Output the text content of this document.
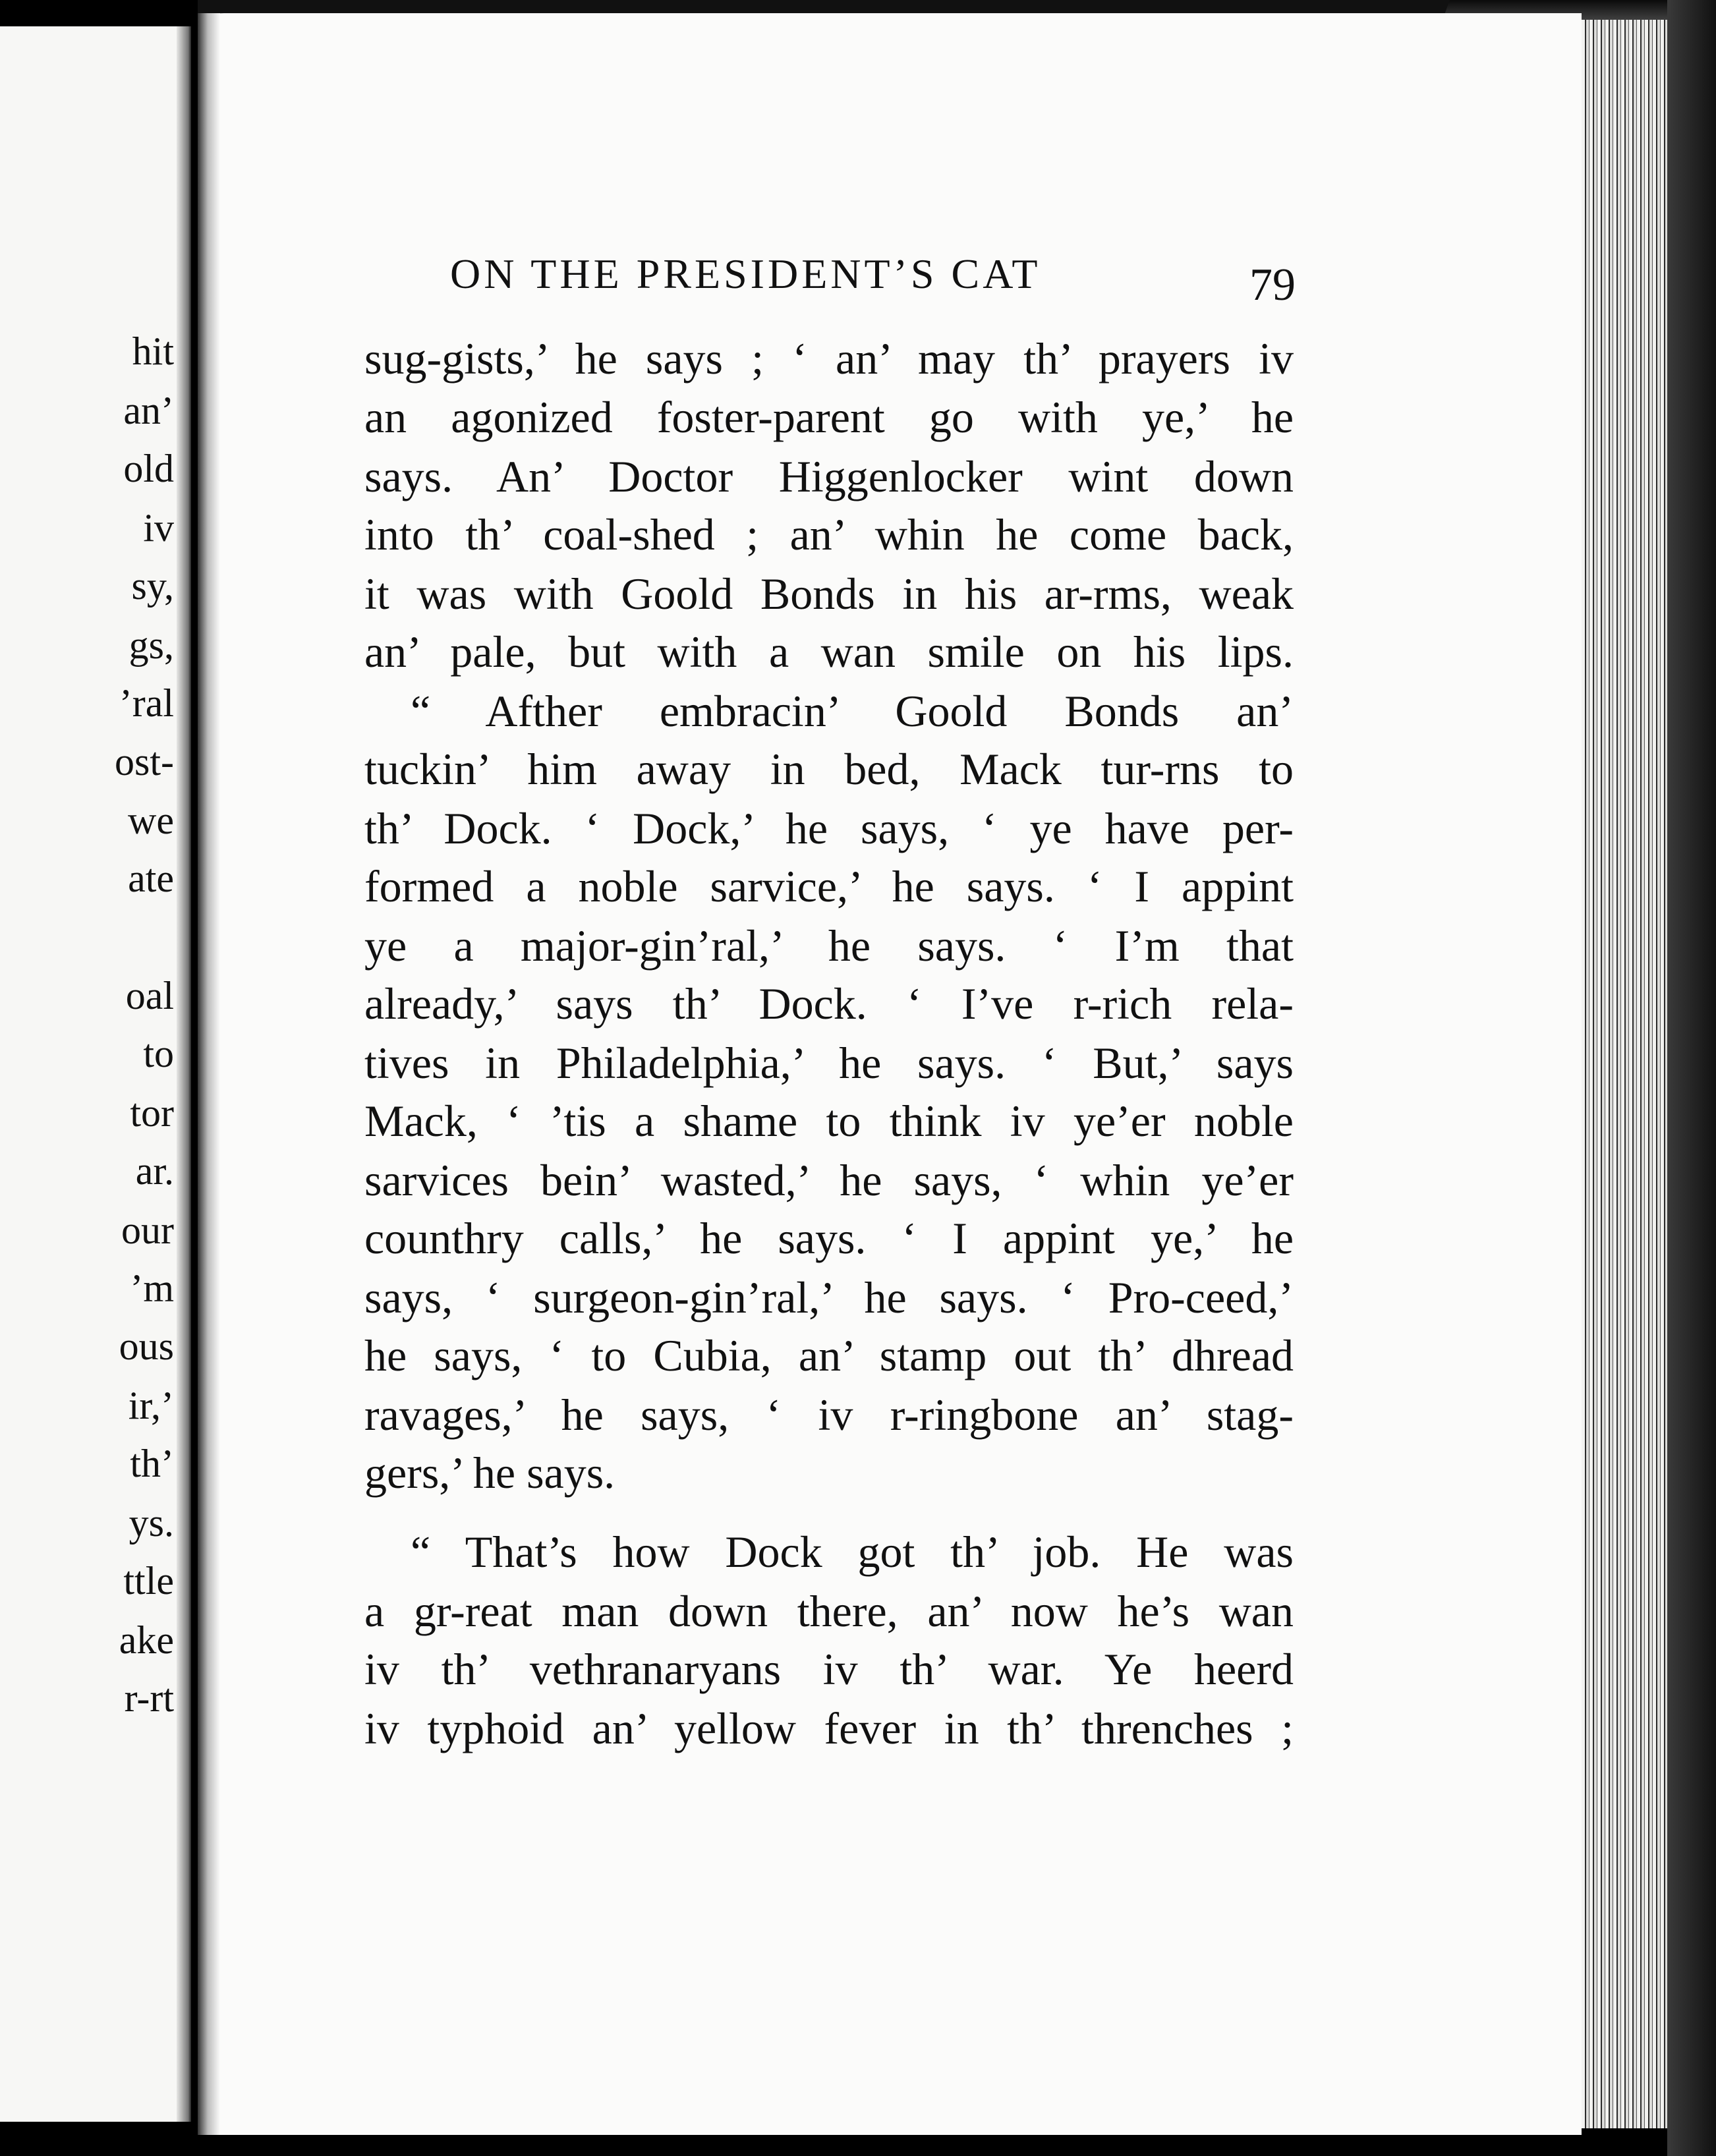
hit
an’
old
iv
sy,
gs,
’ral
ost-
we
ate
oal
to
tor
ar.
our
’m
ous
ir,’
th’
ys.
ttle
ake
r-rt
ON THE PRESIDENT’S CAT	79
sug-gists,’ he says ; ‘ an’ may th’ prayers iv
an agonized foster-parent go with ye,’ he
says. An’ Doctor Higgenlocker wint down
into th’ coal-shed ; an’ whin he come back,
it was with Goold Bonds in his ar-rms, weak
an’ pale, but with a wan smile on his lips.
“ Afther embracin’ Goold Bonds an’
tuckin’ him away in bed, Mack tur-rns to
th’ Dock. ‘ Dock,’ he says, ‘ ye have per-
formed a noble sarvice,’ he says. ‘ I appint
ye a major-gin’ral,’ he says. ‘ I’m that
already,’ says th’ Dock. ‘ I’ve r-rich rela-
tives in Philadelphia,’ he says. ‘ But,’ says
Mack, ‘ ’tis a shame to think iv ye’er noble
sarvices bein’ wasted,’ he says, ‘ whin ye’er
counthry calls,’ he says. ‘ I appint ye,’ he
says, ‘ surgeon-gin’ral,’ he says. ‘ Pro-ceed,’
he says, ‘ to Cubia, an’ stamp out th’ dhread
ravages,’ he says, ‘ iv r-ringbone an’ stag-
gers,’ he says.
“ That’s how Dock got th’ job. He was
a gr-reat man down there, an’ now he’s wan
iv th’ vethranaryans iv th’ war. Ye heerd
iv typhoid an’ yellow fever in th’ threnches ;
